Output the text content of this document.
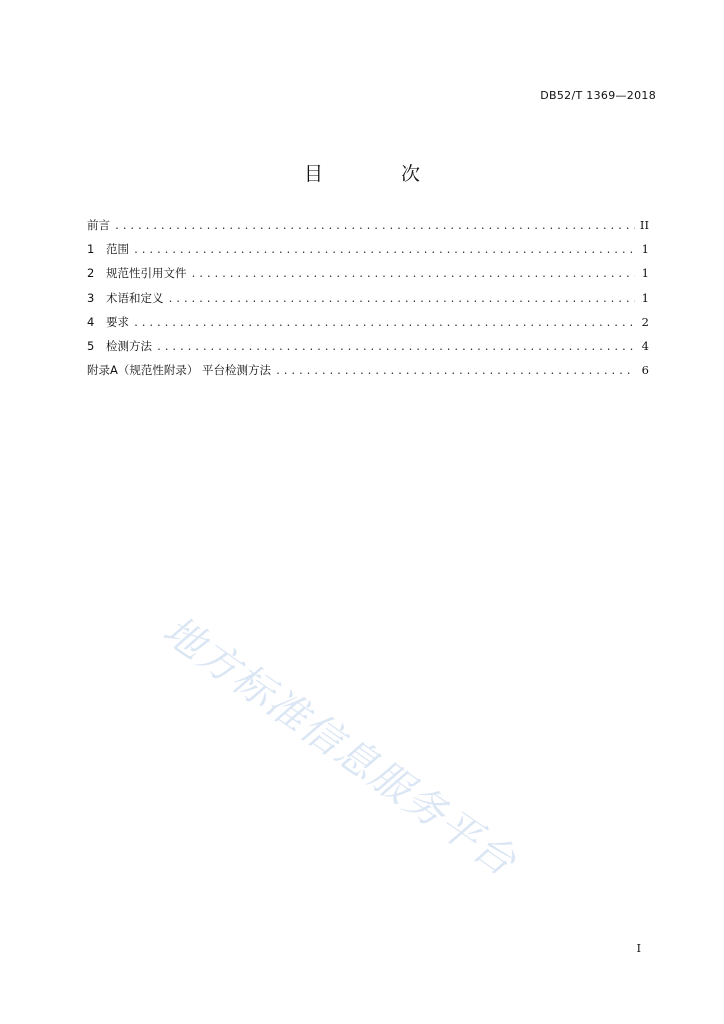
DB52/T 1369—2018
目 次
前言 .....	II
1	范围 .....	1
2	规范性引用文件 .....	1
3	术语和定义 .....	1
4	要求 .....	2
5	检测方法 .....	4
附录A（规范性附录） 平台检测方法 .....	6
地方标准信息服务平台
I
